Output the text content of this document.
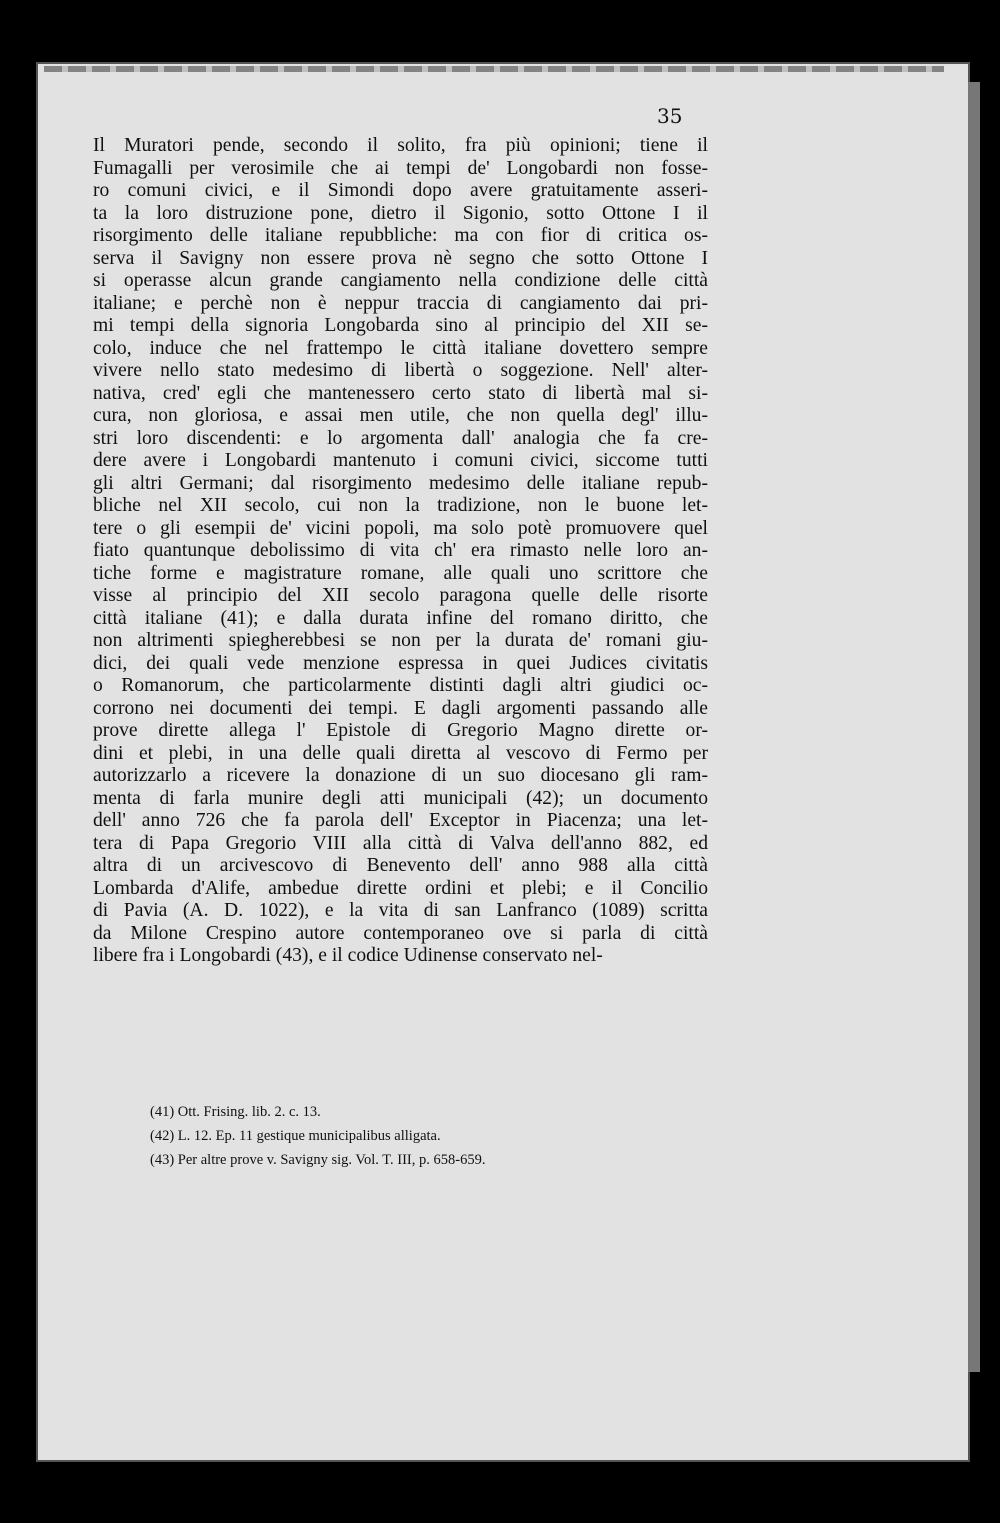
35
Il Muratori pende, secondo il solito, fra più opinioni; tiene il
Fumagalli per verosimile che ai tempi de' Longobardi non fosse-
ro comuni civici, e il Simondi dopo avere gratuitamente asseri-
ta la loro distruzione pone, dietro il Sigonio, sotto Ottone I il
risorgimento delle italiane repubbliche: ma con fior di critica os-
serva il Savigny non essere prova nè segno che sotto Ottone I
si operasse alcun grande cangiamento nella condizione delle città
italiane; e perchè non è neppur traccia di cangiamento dai pri-
mi tempi della signoria Longobarda sino al principio del XII se-
colo, induce che nel frattempo le città italiane dovettero sempre
vivere nello stato medesimo di libertà o soggezione. Nell' alter-
nativa, cred' egli che mantenessero certo stato di libertà mal si-
cura, non gloriosa, e assai men utile, che non quella degl' illu-
stri loro discendenti: e lo argomenta dall' analogia che fa cre-
dere avere i Longobardi mantenuto i comuni civici, siccome tutti
gli altri Germani; dal risorgimento medesimo delle italiane repub-
bliche nel XII secolo, cui non la tradizione, non le buone let-
tere o gli esempii de' vicini popoli, ma solo potè promuovere quel
fiato quantunque debolissimo di vita ch' era rimasto nelle loro an-
tiche forme e magistrature romane, alle quali uno scrittore che
visse al principio del XII secolo paragona quelle delle risorte
città italiane (41); e dalla durata infine del romano diritto, che
non altrimenti spiegherebbesi se non per la durata de' romani giu-
dici, dei quali vede menzione espressa in quei Judices civitatis
o Romanorum, che particolarmente distinti dagli altri giudici oc-
corrono nei documenti dei tempi. E dagli argomenti passando alle
prove dirette allega l' Epistole di Gregorio Magno dirette or-
dini et plebi, in una delle quali diretta al vescovo di Fermo per
autorizzarlo a ricevere la donazione di un suo diocesano gli ram-
menta di farla munire degli atti municipali (42); un documento
dell' anno 726 che fa parola dell' Exceptor in Piacenza; una let-
tera di Papa Gregorio VIII alla città di Valva dell'anno 882, ed
altra di un arcivescovo di Benevento dell' anno 988 alla città
Lombarda d'Alife, ambedue dirette ordini et plebi; e il Concilio
di Pavia (A. D. 1022), e la vita di san Lanfranco (1089) scritta
da Milone Crespino autore contemporaneo ove si parla di città
libere fra i Longobardi (43), e il codice Udinense conservato nel-
(41) Ott. Frising. lib. 2. c. 13.
(42) L. 12. Ep. 11 gestique municipalibus alligata.
(43) Per altre prove v. Savigny sig. Vol. T. III, p. 658-659.
